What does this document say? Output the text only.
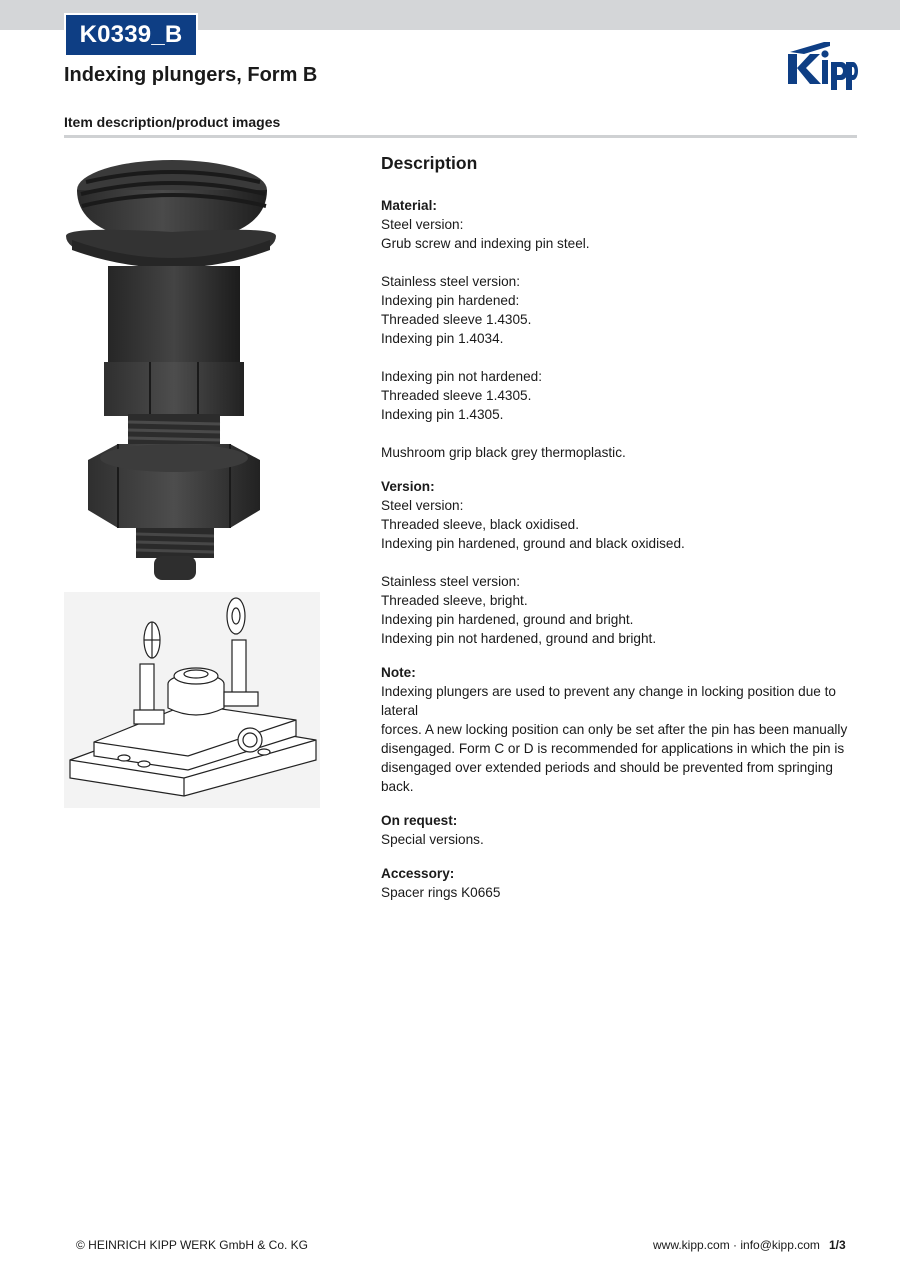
K0339_B
Indexing plungers, Form B
Item description/product images
Description
Material:
Steel version:
Grub screw and indexing pin steel.
Stainless steel version:
Indexing pin hardened:
Threaded sleeve 1.4305.
Indexing pin 1.4034.
Indexing pin not hardened:
Threaded sleeve 1.4305.
Indexing pin 1.4305.
Mushroom grip black grey thermoplastic.
Version:
Steel version:
Threaded sleeve, black oxidised.
Indexing pin hardened, ground and black oxidised.
Stainless steel version:
Threaded sleeve, bright.
Indexing pin hardened, ground and bright.
Indexing pin not hardened, ground and bright.
Note:
Indexing plungers are used to prevent any change in locking position due to lateral
forces. A new locking position can only be set after the pin has been manually
disengaged. Form C or D is recommended for applications in which the pin is
disengaged over extended periods and should be prevented from springing back.
On request:
Special versions.
Accessory:
Spacer rings K0665
© HEINRICH KIPP WERK GmbH & Co. KG	www.kipp.com · info@kipp.com 1/3
